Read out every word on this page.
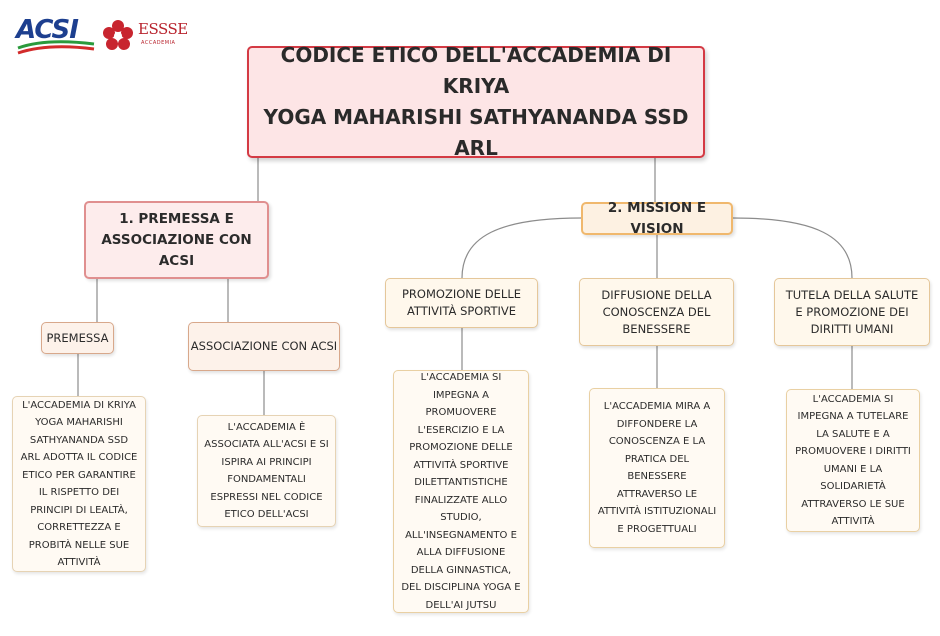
ACSI	ESSSE
ACCADEMIA	CODICE ETICO DELL'ACCADEMIA DI KRIYA
YOGA MAHARISHI SATHYANANDA SSD ARL
1. PREMESSA E ASSOCIAZIONE CON ACSI
PREMESSA
L'ACCADEMIA DI KRIYA YOGA MAHARISHI SATHYANANDA SSD ARL ADOTTA IL CODICE ETICO PER GARANTIRE IL RISPETTO DEI PRINCIPI DI LEALTÀ, CORRETTEZZA E PROBITÀ NELLE SUE ATTIVITÀ
ASSOCIAZIONE CON ACSI
L'ACCADEMIA È ASSOCIATA ALL'ACSI E SI ISPIRA AI PRINCIPI FONDAMENTALI ESPRESSI NEL CODICE ETICO DELL'ACSI
2. MISSION E VISION
PROMOZIONE DELLE ATTIVITÀ SPORTIVE
L'ACCADEMIA SI IMPEGNA A PROMUOVERE L'ESERCIZIO E LA PROMOZIONE DELLE ATTIVITÀ SPORTIVE DILETTANTISTICHE FINALIZZATE ALLO STUDIO, ALL'INSEGNAMENTO E ALLA DIFFUSIONE DELLA GINNASTICA, DEL DISCIPLINA YOGA E DELL'AI JUTSU
DIFFUSIONE DELLA CONOSCENZA DEL BENESSERE
L'ACCADEMIA MIRA A DIFFONDERE LA CONOSCENZA E LA PRATICA DEL BENESSERE ATTRAVERSO LE ATTIVITÀ ISTITUZIONALI E PROGETTUALI
TUTELA DELLA SALUTE E PROMOZIONE DEI DIRITTI UMANI
L'ACCADEMIA SI IMPEGNA A TUTELARE LA SALUTE E A PROMUOVERE I DIRITTI UMANI E LA SOLIDARIETÀ ATTRAVERSO LE SUE ATTIVITÀ
